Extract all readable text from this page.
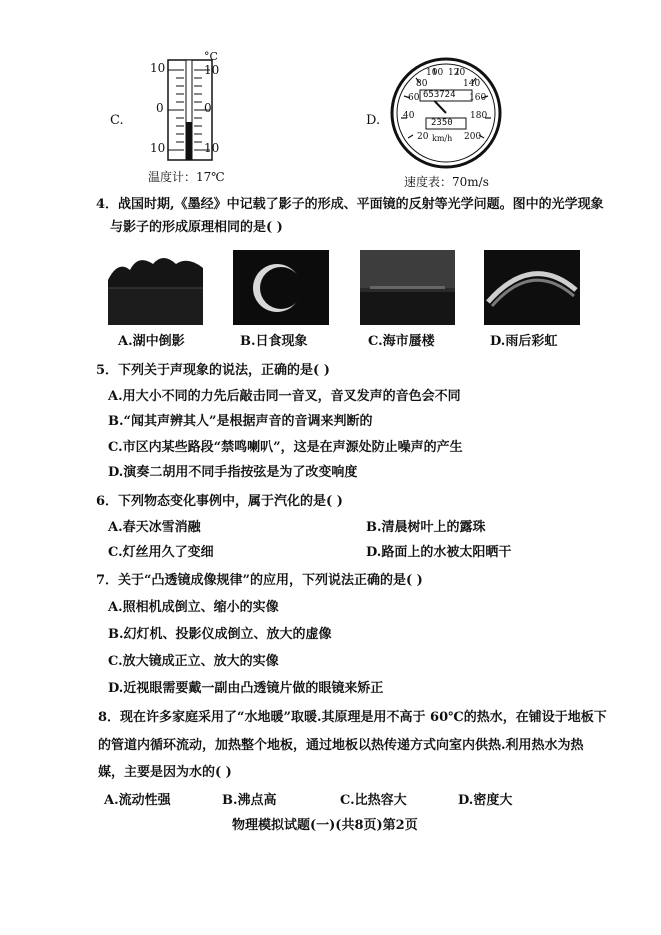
C.
10
0
10
°C
10
0
10
温度计：17℃
D.
20
40
60
80
100 120
140
160
180
200
653724
2350
km/h
速度表：70m/s
4．战国时期,《墨经》中记载了影子的形成、平面镜的反射等光学问题。图中的光学现象
与影子的形成原理相同的是( )
A.湖中倒影	B.日食现象	C.海市蜃楼	D.雨后彩虹
5．下列关于声现象的说法，正确的是( )
A.用大小不同的力先后敲击同一音叉，音叉发声的音色会不同
B.“闻其声辨其人”是根据声音的音调来判断的
C.市区内某些路段“禁鸣喇叭”，这是在声源处防止噪声的产生
D.演奏二胡用不同手指按弦是为了改变响度
6．下列物态变化事例中，属于汽化的是( )
A.春天冰雪消融	B.清晨树叶上的露珠
C.灯丝用久了变细	D.路面上的水被太阳晒干
7．关于“凸透镜成像规律”的应用，下列说法正确的是( )
A.照相机成倒立、缩小的实像
B.幻灯机、投影仪成倒立、放大的虚像
C.放大镜成正立、放大的实像
D.近视眼需要戴一副由凸透镜片做的眼镜来矫正
8．现在许多家庭采用了“水地暖”取暖.其原理是用不高于 60℃的热水，在铺设于地板下
的管道内循环流动，加热整个地板，通过地板以热传递方式向室内供热.利用热水为热
媒，主要是因为水的( )
A.流动性强	B.沸点高	C.比热容大	D.密度大
物理模拟试题(一)(共8页)第2页
